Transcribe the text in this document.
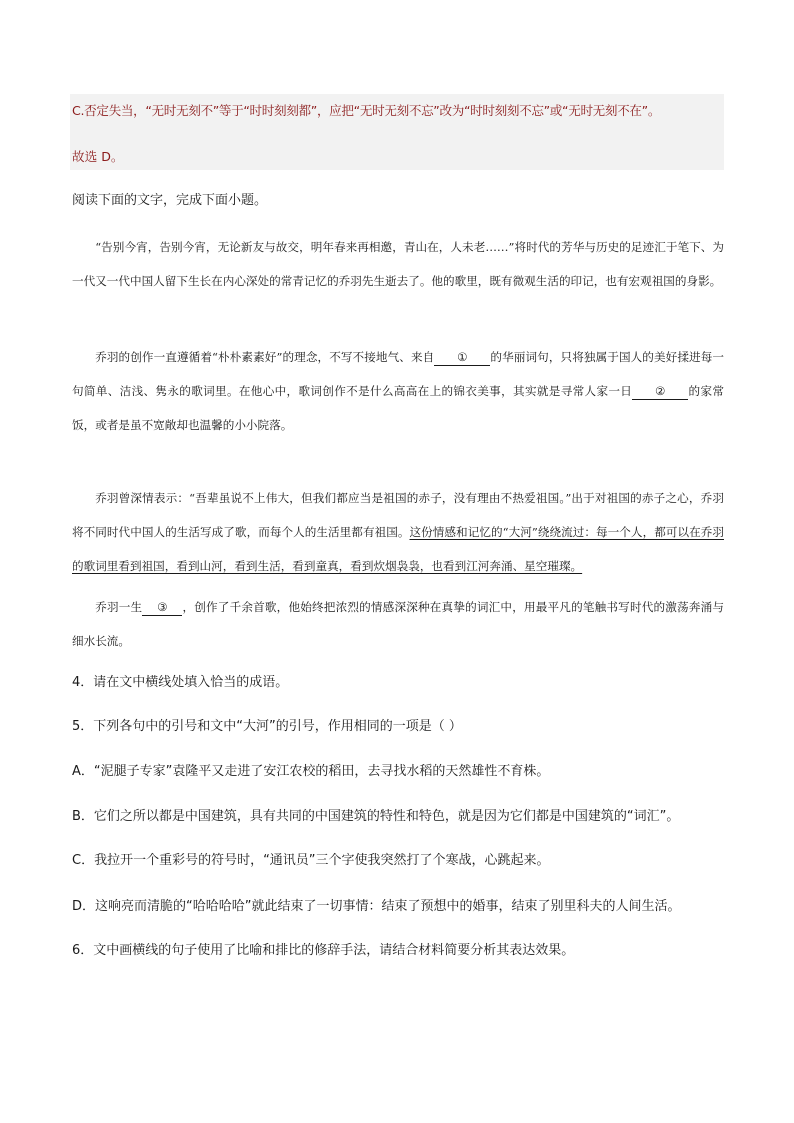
C.否定失当，“无时无刻不”等于“时时刻刻都”，应把“无时无刻不忘”改为“时时刻刻不忘”或“无时无刻不在”。
故选 D。
阅读下面的文字，完成下面小题。

“告别今宵，告别今宵，无论新友与故交，明年春来再相邀，青山在，人未老……”将时代的芳华与历史的足迹汇于笔下、为一代又一代中国人留下生长在内心深处的常青记忆的乔羽先生逝去了。他的歌里，既有微观生活的印记，也有宏观祖国的身影。

乔羽的创作一直遵循着“朴朴素素好”的理念，不写不接地气、来自 ① 的华丽词句，只将独属于国人的美好揉进每一句简单、洁浅、隽永的歌词里。在他心中，歌词创作不是什么高高在上的锦衣美事，其实就是寻常人家一日 ② 的家常饭，或者是虽不宽敞却也温馨的小小院落。

乔羽曾深情表示：“吾辈虽说不上伟大，但我们都应当是祖国的赤子，没有理由不热爱祖国。”出于对祖国的赤子之心，乔羽将不同时代中国人的生活写成了歌，而每个人的生活里都有祖国。这份情感和记忆的“大河”绕绕流过：每一个人，都可以在乔羽的歌词里看到祖国，看到山河，看到生活，看到童真，看到炊烟袅袅，也看到江河奔涌、星空璀璨。

乔羽一生 ③ ，创作了千余首歌，他始终把浓烈的情感深深种在真挚的词汇中，用最平凡的笔触书写时代的激荡奔涌与细水长流。

4．请在文中横线处填入恰当的成语。
5．下列各句中的引号和文中“大河”的引号，作用相同的一项是（ ）
A．“泥腿子专家”袁隆平又走进了安江农校的稻田，去寻找水稻的天然雄性不育株。
B．它们之所以都是中国建筑，具有共同的中国建筑的特性和特色，就是因为它们都是中国建筑的“词汇”。
C．我拉开一个重彩号的符号时，“通讯员”三个字使我突然打了个寒战，心跳起来。
D．这响亮而清脆的“哈哈哈哈”就此结束了一切事情：结束了预想中的婚事，结束了别里科夫的人间生活。
6．文中画横线的句子使用了比喻和排比的修辞手法，请结合材料简要分析其表达效果。
